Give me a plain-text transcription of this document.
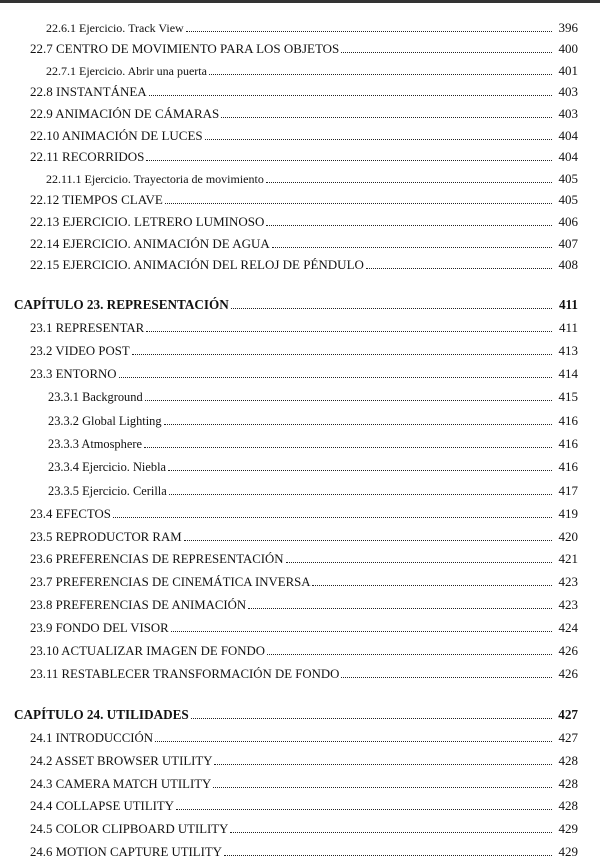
22.6.1 Ejercicio. Track View	396
22.7 CENTRO DE MOVIMIENTO PARA LOS OBJETOS	400
22.7.1 Ejercicio. Abrir una puerta	401
22.8 INSTANTÁNEA	403
22.9 ANIMACIÓN DE CÁMARAS	403
22.10 ANIMACIÓN DE LUCES	404
22.11 RECORRIDOS	404
22.11.1 Ejercicio. Trayectoria de movimiento	405
22.12 TIEMPOS CLAVE	405
22.13 EJERCICIO. LETRERO LUMINOSO	406
22.14 EJERCICIO. ANIMACIÓN DE AGUA	407
22.15 EJERCICIO. ANIMACIÓN DEL RELOJ DE PÉNDULO	408
CAPÍTULO 23. REPRESENTACIÓN	411
23.1 REPRESENTAR	411
23.2 VIDEO POST	413
23.3 ENTORNO	414
23.3.1 Background	415
23.3.2 Global Lighting	416
23.3.3 Atmosphere	416
23.3.4 Ejercicio. Niebla	416
23.3.5 Ejercicio. Cerilla	417
23.4 EFECTOS	419
23.5 REPRODUCTOR RAM	420
23.6 PREFERENCIAS DE REPRESENTACIÓN	421
23.7 PREFERENCIAS DE CINEMÁTICA INVERSA	423
23.8 PREFERENCIAS DE ANIMACIÓN	423
23.9 FONDO DEL VISOR	424
23.10 ACTUALIZAR IMAGEN DE FONDO	426
23.11 RESTABLECER TRANSFORMACIÓN DE FONDO	426
CAPÍTULO 24. UTILIDADES	427
24.1 INTRODUCCIÓN	427
24.2 ASSET BROWSER UTILITY	428
24.3 CAMERA MATCH UTILITY	428
24.4 COLLAPSE UTILITY	428
24.5 COLOR CLIPBOARD UTILITY	429
24.6 MOTION CAPTURE UTILITY	429
